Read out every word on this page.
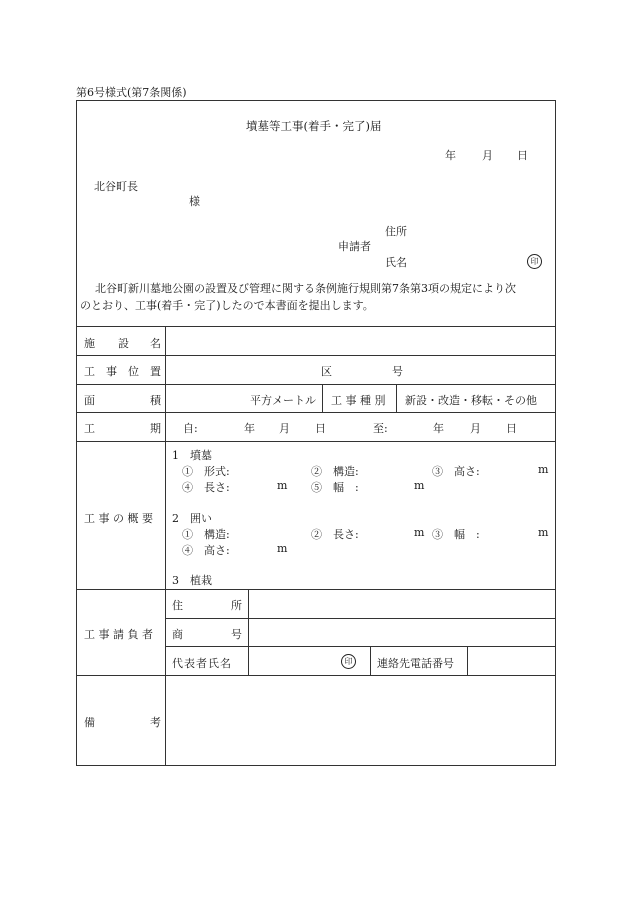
第6号様式(第7条関係)
墳墓等工事(着手・完了)届
年 月 日
北谷町長
様
住所
申請者
氏名	印
北谷町新川墓地公園の設置及び管理に関する条例施行規則第7条第3項の規定により次
のとおり、工事(着手・完了)したので本書面を提出します。
施 設 名
工 事 位 置	区	号
面	積	平方メートル 工 事 種 別 新設・改造・移転・その他
工	期 自:	年 月 日	至:	年 月 日
工 事 の 概 要
1　墳墓
①　形式:	②　構造:	③　高さ:	m
④　長さ:	m ⑤　幅　:	m
2　囲い
①　構造:	②　長さ:	m ③　幅　:	m
④　高さ:	m
3　植栽
工 事 請 負 者
住	所
商	号
代表者氏名	印	連絡先電話番号
備	考
